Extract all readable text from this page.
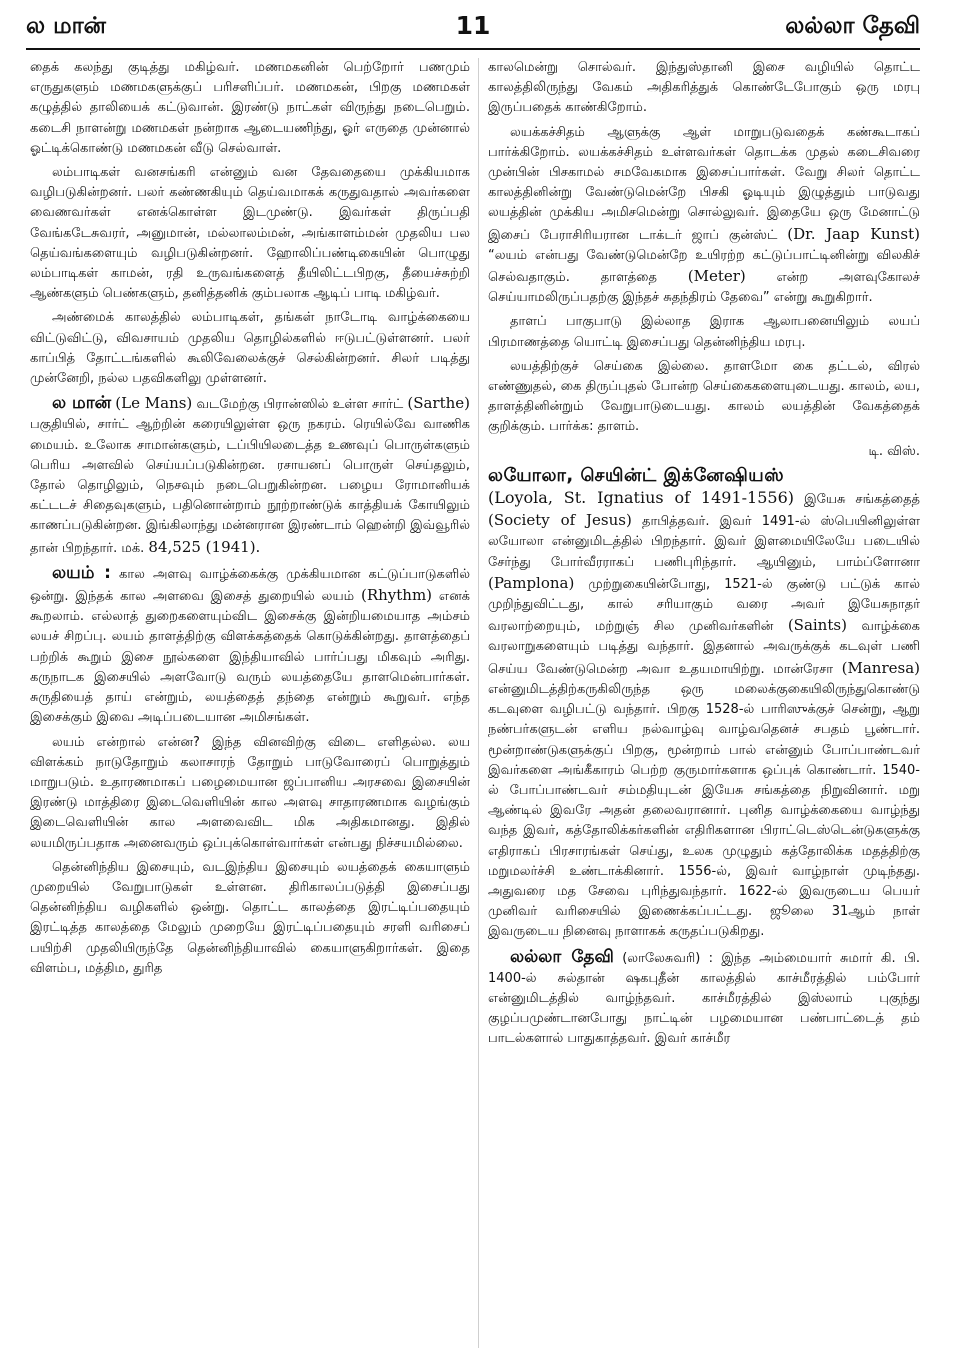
ல மான்	11	லல்லா தேவி

தைக் கலந்து குடித்து மகிழ்வர். மணமகனின் பெற்றோர் பணமும் எருதுகளும் மணமகளுக்குப் பரிசளிப்பர். மணமகன், பிறகு மணமகள் கழுத்தில் தாலியைக் கட்டுவான். இரண்டு நாட்கள் விருந்து நடைபெறும். கடைசி நாளன்று மணமகள் நன்றாக ஆடையணிந்து, ஓர் எருதை முன்னால் ஓட்டிக்கொண்டு மணமகன் வீடு செல்வாள்.

லம்பாடிகள் வனசங்கரி என்னும் வன தேவதையை முக்கியமாக வழிபடுகின்றனர். பலர் கண்ணகியும் தெய்வமாகக் கருதுவதால் அவர்களை வைணவர்கள் எனக்கொள்ள இடமுண்டு. இவர்கள் திருப்பதி வேங்கடேசுவரர், அனுமான், மல்லாலம்மன், அங்காளம்மன் முதலிய பல தெய்வங்களையும் வழிபடுகின்றனர். ஹோலிப்பண்டிகையின் பொழுது லம்பாடிகள் காமன், ரதி உருவங்களைத் தீயிலிட்டபிறகு, தீயைச்சுற்றி ஆண்களும் பெண்களும், தனித்தனிக் கும்பலாக ஆடிப் பாடி மகிழ்வர்.

அண்மைக் காலத்தில் லம்பாடிகள், தங்கள் நாடோடி வாழ்க்கையை விட்டுவிட்டு, விவசாயம் முதலிய தொழில்களில் ஈடுபட்டுள்ளனர். பலர் காப்பித் தோட்டங்களில் கூலிவேலைக்குச் செல்கின்றனர். சிலர் படித்து முன்னேறி, நல்ல பதவிகளிலு முள்ளனர்.

ல மான் (Le Mans) வடமேற்கு பிரான்ஸில் உள்ள சார்ட் (Sarthe) பகுதியில், சார்ட் ஆற்றின் கரையிலுள்ள ஒரு நகரம். ரெயில்வே வாணிக மையம். உலோக சாமான்களும், டப்பியிலடைத்த உணவுப் பொருள்களும் பெரிய அளவில் செய்யப்படுகின்றன. ரசாயனப் பொருள் செய்தலும், தோல் தொழிலும், நெசவும் நடைபெறுகின்றன. பழைய ரோமானியக் கட்டடச் சிதைவுகளும், பதினொன்றாம் நூற்றாண்டுக் காத்தியக் கோயிலும் காணப்படுகின்றன. இங்கிலாந்து மன்னரான இரண்டாம் ஹென்றி இவ்வூரில் தான் பிறந்தார். மக். 84,525 (1941).

லயம் : கால அளவு வாழ்க்கைக்கு முக்கியமான கட்டுப்பாடுகளில் ஒன்று. இந்தக் கால அளவை இசைத் துறையில் லயம் (Rhythm) எனக் கூறலாம். எல்லாத் துறைகளையும்விட இசைக்கு இன்றியமையாத அம்சம் லயச் சிறப்பு. லயம் தாளத்திற்கு விளக்கத்தைக் கொடுக்கின்றது. தாளத்தைப் பற்றிக் கூறும் இசை நூல்களை இந்தியாவில் பார்ப்பது மிகவும் அரிது. கருநாடக இசையில் அளவோடு வரும் லயத்தையே தாளமென்பார்கள். சுருதியைத் தாய் என்றும், லயத்தைத் தந்தை என்றும் கூறுவர். எந்த இசைக்கும் இவை அடிப்படையான அமிசங்கள்.

லயம் என்றால் என்ன? இந்த வினவிற்கு விடை எளிதல்ல. லய விளக்கம் நாடுதோறும் கலாசாரந் தோறும் பாடுவோரைப் பொறுத்தும் மாறுபடும். உதாரணமாகப் பழைமையான ஜப்பானிய அரசவை இசையின் இரண்டு மாத்திரை இடைவெளியின் கால அளவு சாதாரணமாக வழங்கும் இடைவெளியின் கால அளவைவிட மிக அதிகமானது. இதில் லயமிருப்பதாக அனைவரும் ஒப்புக்கொள்வார்கள் என்பது நிச்சயமில்லை.

தென்னிந்திய இசையும், வடஇந்திய இசையும் லயத்தைக் கையாளும் முறையில் வேறுபாடுகள் உள்ளன. திரிகாலப்படுத்தி இசைப்பது தென்னிந்திய வழிகளில் ஒன்று. தொட்ட காலத்தை இரட்டிப்பதையும் இரட்டித்த காலத்தை மேலும் முறையே இரட்டிப்பதையும் சரளி வரிசைப் பயிற்சி முதலியிருந்தே தென்னிந்தியாவில் கையாளுகிறார்கள். இதை விளம்ப, மத்திம, துரித

காலமென்று சொல்வர். இந்துஸ்தானி இசை வழியில் தொட்ட காலத்திலிருந்து வேகம் அதிகரித்துக் கொண்டேபோகும் ஒரு மரபு இருப்பதைக் காண்கிறோம்.

லயக்கச்சிதம் ஆளுக்கு ஆள் மாறுபடுவதைக் கண்கூடாகப் பார்க்கிறோம். லயக்கச்சிதம் உள்ளவர்கள் தொடக்க முதல் கடைசிவரை முன்பின் பிசகாமல் சமவேகமாக இசைப்பார்கள். வேறு சிலர் தொட்ட காலத்தினின்று வேண்டுமென்றே பிசகி ஓடியும் இழுத்தும் பாடுவது லயத்தின் முக்கிய அமிசமென்று சொல்லுவர். இதையே ஒரு மேனாட்டு இசைப் பேராசிரியரான டாக்டர் ஜாப் குன்ஸ்ட் (Dr. Jaap Kunst) “லயம் என்பது வேண்டுமென்றே உயிரற்ற கட்டுப்பாட்டினின்று விலகிச் செல்வதாகும். தாளத்தை (Meter) என்ற அளவுகோலச் செய்யாமலிருப்பதற்கு இந்தச் சுதந்திரம் தேவை” என்று கூறுகிறார்.

தாளப் பாகுபாடு இல்லாத இராக ஆலாபனையிலும் லயப் பிரமாணத்தை யொட்டி இசைப்பது தென்னிந்திய மரபு.

லயத்திற்குச் செய்கை இல்லை. தாளமோ கை தட்டல், விரல் எண்ணுதல், கை திருப்புதல் போன்ற செய்கைகளையுடையது. காலம், லய, தாளத்தினின்றும் வேறுபாடுடையது. காலம் லயத்தின் வேகத்தைக் குறிக்கும். பார்க்க: தாளம்.

டி. விஸ்.

லயோலா, செயின்ட் இக்னேஷியஸ்
(Loyola, St. Ignatius of 1491-1556) இயேசு சங்கத்தைத் (Society of Jesus) தாபித்தவர். இவர் 1491-ல் ஸ்பெயினிலுள்ள லயோலா என்னுமிடத்தில் பிறந்தார். இவர் இளமையிலேயே படையில் சேர்ந்து போர்வீரராகப் பணிபுரிந்தார். ஆயினும், பாம்ப்ளோனா (Pamplona) முற்றுகையின்போது, 1521-ல் குண்டு பட்டுக் கால் முறிந்துவிட்டது, கால் சரியாகும் வரை அவர் இயேசுநாதர் வரலாற்றையும், மற்றுஞ் சில முனிவர்களின் (Saints) வாழ்க்கை வரலாறுகளையும் படித்து வந்தார். இதனால் அவருக்குக் கடவுள் பணி செய்ய வேண்டுமென்ற அவா உதயமாயிற்று. மான்ரேசா (Manresa) என்னுமிடத்திற்கருகிலிருந்த ஒரு மலைக்குகையிலிருந்துகொண்டு கடவுளை வழிபட்டு வந்தார். பிறகு 1528-ல் பாரிஸுக்குச் சென்று, ஆறு நண்பர்களுடன் எளிய நல்வாழ்வு வாழ்வதெனச் சபதம் பூண்டார். மூன்றாண்டுகளுக்குப் பிறகு, மூன்றாம் பால் என்னும் போப்பாண்டவர் இவர்களை அங்கீகாரம் பெற்ற குருமார்களாக ஒப்புக் கொண்டார். 1540-ல் போப்பாண்டவர் சம்மதியுடன் இயேசு சங்கத்தை நிறுவினார். மறு ஆண்டில் இவரே அதன் தலைவரானார். புனித வாழ்க்கையை வாழ்ந்து வந்த இவர், கத்தோலிக்கர்களின் எதிரிகளான பிராட்டெஸ்டென்டுகளுக்கு எதிராகப் பிரசாரங்கள் செய்து, உலக முழுதும் கத்தோலிக்க மதத்திற்கு மறுமலர்ச்சி உண்டாக்கினார். 1556-ல், இவர் வாழ்நாள் முடிந்தது. அதுவரை மத சேவை புரிந்துவந்தார். 1622-ல் இவருடைய பெயர் முனிவர் வரிசையில் இணைக்கப்பட்டது. ஜூலை 31ஆம் நாள் இவருடைய நினைவு நாளாகக் கருதப்படுகிறது.

லல்லா தேவி (லாலேசுவரி) : இந்த அம்மையார் சுமார் கி. பி. 1400-ல் சுல்தான் ஷகபுதீன் காலத்தில் காச்மீரத்தில் பம்போர் என்னுமிடத்தில் வாழ்ந்தவர். காச்மீரத்தில் இஸ்லாம் புகுந்து குழப்பமுண்டானபோது நாட்டின் பழமையான பண்பாட்டைத் தம் பாடல்களால் பாதுகாத்தவர். இவர் காச்மீர
